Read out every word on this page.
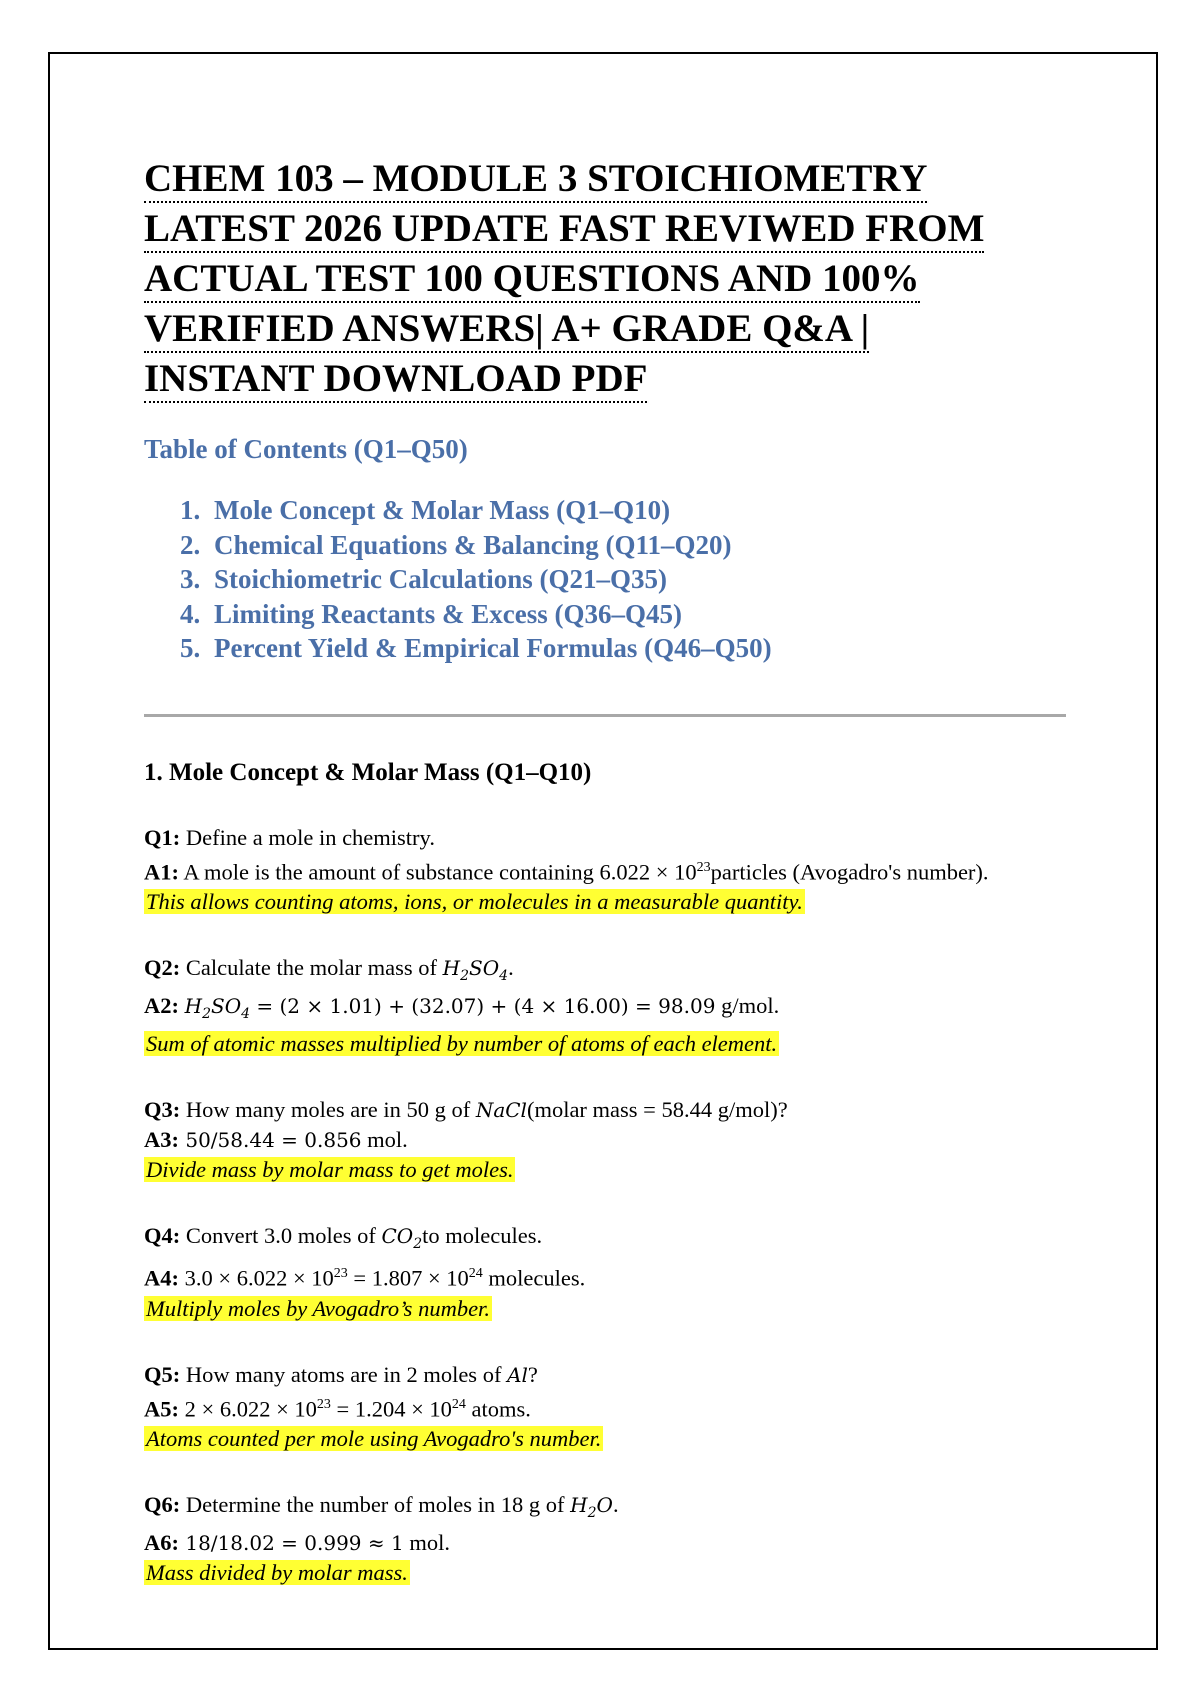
CHEM 103 – MODULE 3 STOICHIOMETRY
LATEST 2026 UPDATE FAST REVIWED FROM
ACTUAL TEST 100 QUESTIONS AND 100%
VERIFIED ANSWERS| A+ GRADE Q&A |
INSTANT DOWNLOAD PDF
Table of Contents (Q1–Q50)
1. Mole Concept & Molar Mass (Q1–Q10)
2. Chemical Equations & Balancing (Q11–Q20)
3. Stoichiometric Calculations (Q21–Q35)
4. Limiting Reactants & Excess (Q36–Q45)
5. Percent Yield & Empirical Formulas (Q46–Q50)
1. Mole Concept & Molar Mass (Q1–Q10)
Q1: Define a mole in chemistry.
A1: A mole is the amount of substance containing $6.022 \times 10^{23}particles$ (Avogadro's number).
This allows counting atoms, ions, or molecules in a measurable quantity.
Q2: Calculate the molar mass of $H_2SO_4$.
A2: $H_2SO_4 = (2 \times 1.01) + (32.07) + (4 \times 16.00) = 98.09$ g/mol.
Sum of atomic masses multiplied by number of atoms of each element.
Q3: How many moles are in 50 g of NaCl(molar mass = 58.44 g/mol)?
A3: 50/58.44 = 0.856 mol.
Divide mass by molar mass to get moles.
Q4: Convert 3.0 moles of $CO_2to$ molecules.
A4: $3.0 \times 6.022 \times 10^{23} = 1.807 \times 10^{24}$ molecules.
Multiply moles by Avogadro’s number.
Q5: How many atoms are in 2 moles of Al?
A5: $2 \times 6.022 \times 10^{23} = 1.204 \times 10^{24}$ atoms.
Atoms counted per mole using Avogadro's number.
Q6: Determine the number of moles in 18 g of $H_2O$.
A6: 18/18.02 = 0.999 ≈ 1 mol.
Mass divided by molar mass.
